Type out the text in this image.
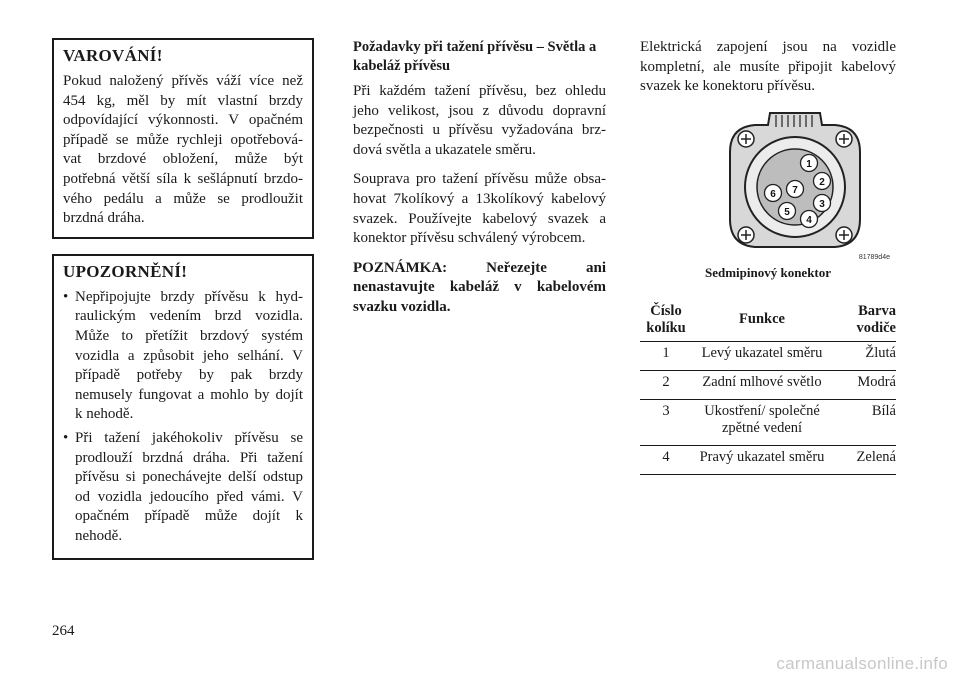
VAROVÁNÍ!

Pokud naložený přívěs váží více než 454 kg, měl by mít vlastní brzdy odpovídající výkonnosti. V opačném případě se může rychleji opotřebová-vat brzdové obložení, může být potřebná větší síla k sešlápnutí brzdo-vého pedálu a může se prodloužit brzdná dráha.

UPOZORNĚNÍ!
• Nepřipojujte brzdy přívěsu k hyd-raulickým vedením brzd vozidla. Může to přetížit brzdový systém vozidla a způsobit jeho selhání. V případě potřeby by pak brzdy nemusely fungovat a mohlo by dojít k nehodě.
• Při tažení jakéhokoliv přívěsu se prodlouží brzdná dráha. Při tažení přívěsu si ponechávejte delší odstup od vozidla jedoucího před vámi. V opačném případě může dojít k nehodě.
Požadavky při tažení přívěsu – Světla a kabeláž přívěsu

Při každém tažení přívěsu, bez ohledu jeho velikost, jsou z důvodu dopravní bezpečnosti u přívěsu vyžadována brz-dová světla a ukazatele směru.

Souprava pro tažení přívěsu může obsa-hovat 7kolíkový a 13kolíkový kabelový svazek. Používejte kabelový svazek a konektor přívěsu schválený výrobcem.

POZNÁMKA: Neřezejte ani nenastavujte kabeláž v kabelovém svazku vozidla.

Elektrická zapojení jsou na vozidle kompletní, ale musíte připojit kabelový svazek ke konektoru přívěsu.

1
2
3
4
5
6 7
81789d4e
Sedmipinový konektor
Číslo kolíku	Funkce	Barva vodiče
1	Levý ukazatel směru	Žlutá
2	Zadní mlhové světlo	Modrá
3	Ukostření/ společné zpětné vedení	Bílá
4	Pravý ukazatel směru	Zelená
264
carmanualsonline.info
